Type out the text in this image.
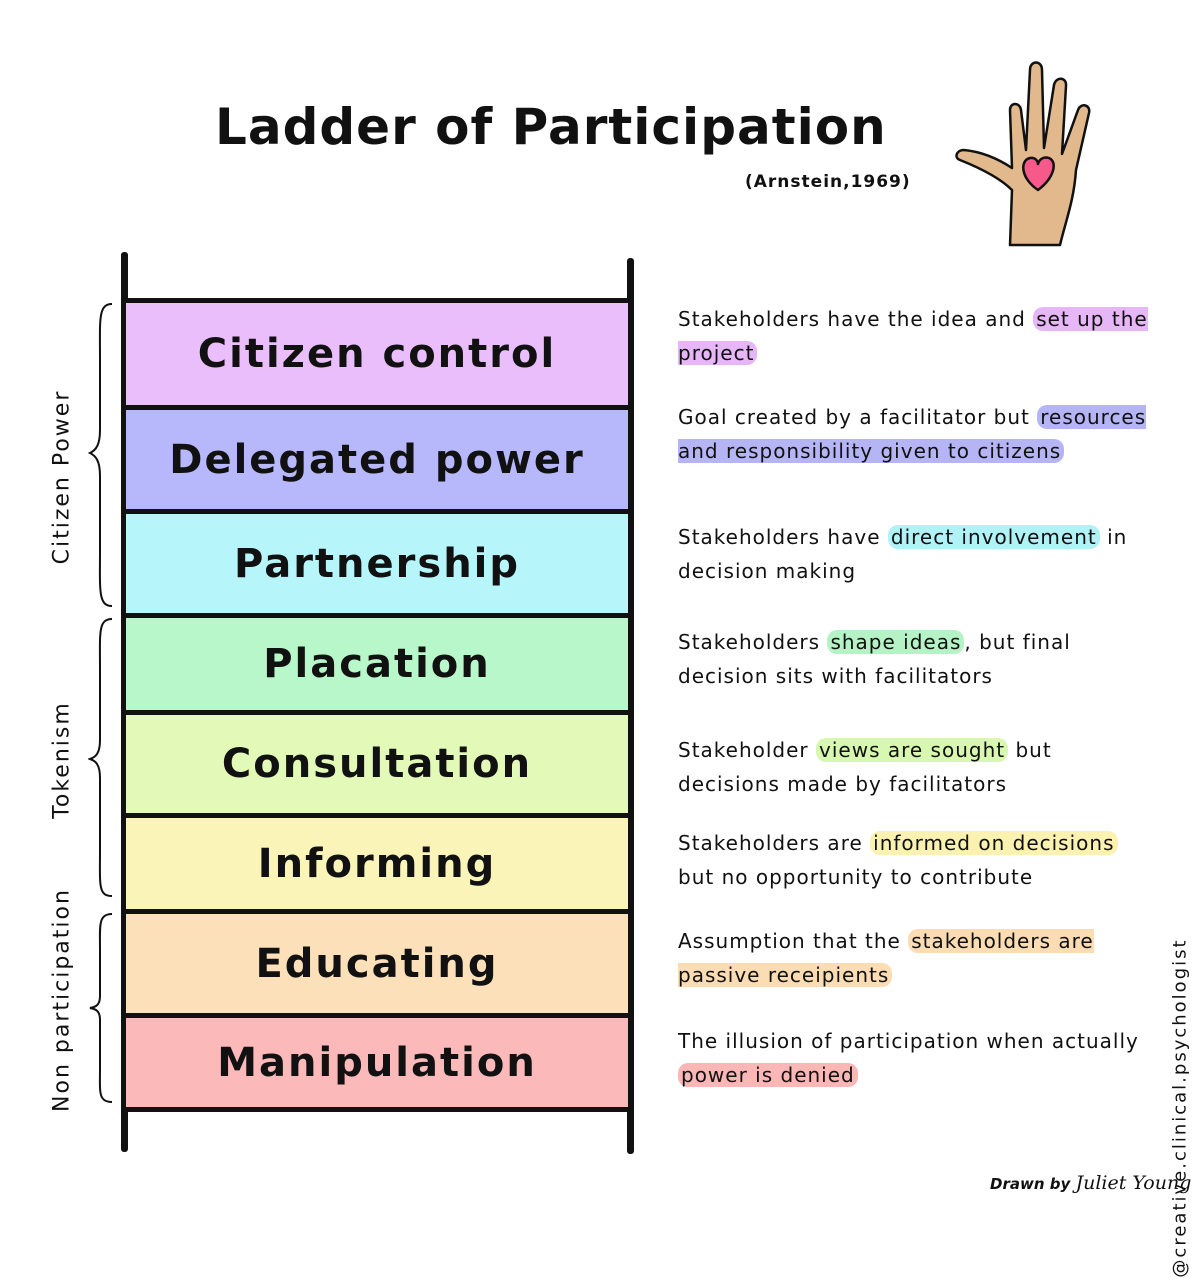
Ladder of Participation
(Arnstein,1969)
Citizen control
Delegated power
Partnership
Placation
Consultation
Informing
Educating
Manipulation
Citizen Power
Tokenism
Non participation
Stakeholders have the idea and set up the project
Goal created by a facilitator but resources and responsibility given to citizens
Stakeholders have direct involvement in decision making
Stakeholders shape ideas , but final decision sits with facilitators
Stakeholder views are sought but decisions made by facilitators
Stakeholders are informed on decisions but no opportunity to contribute
Assumption that the stakeholders are passive receipients
The illusion of participation when actually power is denied	@creative.clinical.psychologist
Drawn by Juliet Young
